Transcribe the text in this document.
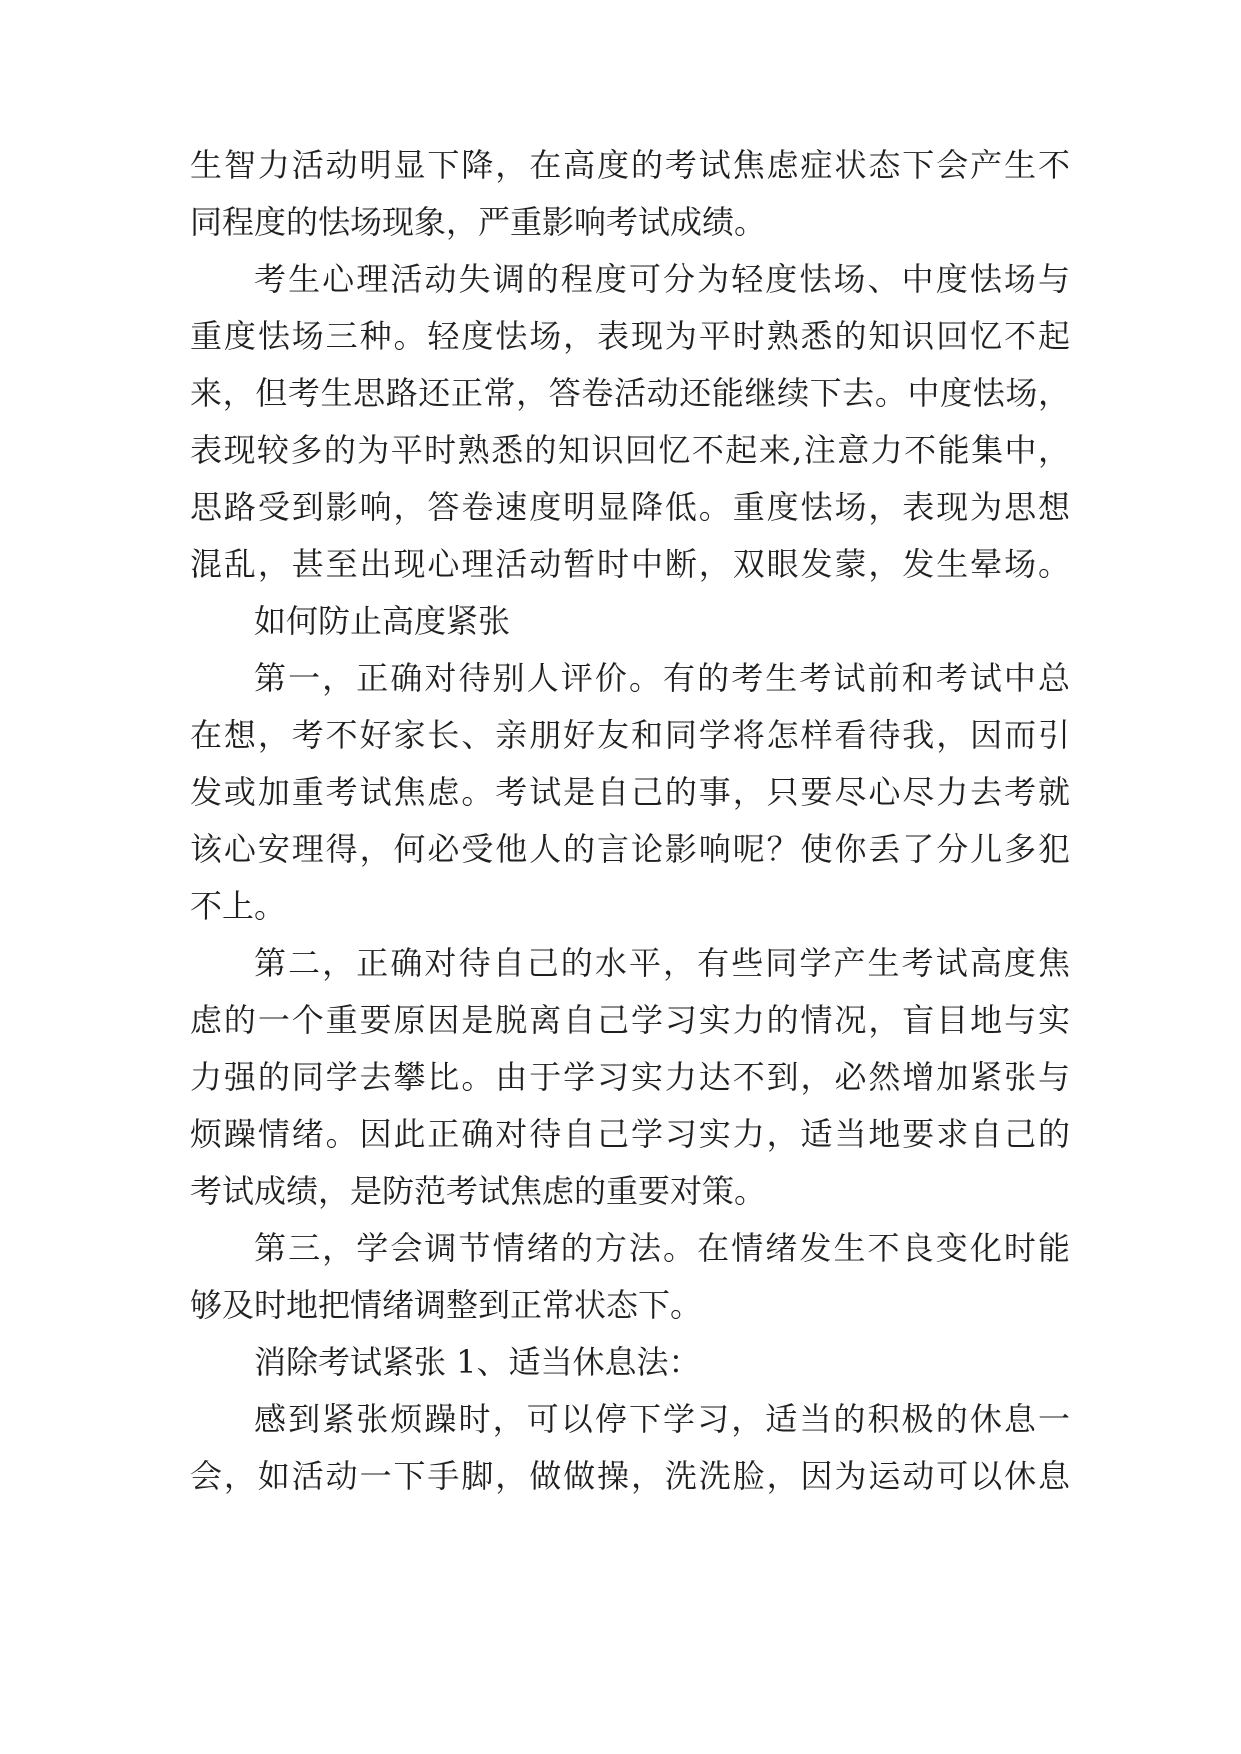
生智力活动明显下降，在高度的考试焦虑症状态下会产生不

同程度的怯场现象，严重影响考试成绩。

考生心理活动失调的程度可分为轻度怯场、中度怯场与

重度怯场三种。轻度怯场，表现为平时熟悉的知识回忆不起

来，但考生思路还正常，答卷活动还能继续下去。中度怯场，

表现较多的为平时熟悉的知识回忆不起来,注意力不能集中，

思路受到影响，答卷速度明显降低。重度怯场，表现为思想

混乱，甚至出现心理活动暂时中断，双眼发蒙，发生晕场。

如何防止高度紧张

第一，正确对待别人评价。有的考生考试前和考试中总

在想，考不好家长、亲朋好友和同学将怎样看待我，因而引

发或加重考试焦虑。考试是自己的事，只要尽心尽力去考就

该心安理得，何必受他人的言论影响呢？使你丢了分儿多犯

不上。

第二，正确对待自己的水平，有些同学产生考试高度焦

虑的一个重要原因是脱离自己学习实力的情况，盲目地与实

力强的同学去攀比。由于学习实力达不到，必然增加紧张与

烦躁情绪。因此正确对待自己学习实力，适当地要求自己的

考试成绩，是防范考试焦虑的重要对策。

第三，学会调节情绪的方法。在情绪发生不良变化时能

够及时地把情绪调整到正常状态下。

消除考试紧张 1、适当休息法：

感到紧张烦躁时，可以停下学习，适当的积极的休息一

会，如活动一下手脚，做做操，洗洗脸，因为运动可以休息
